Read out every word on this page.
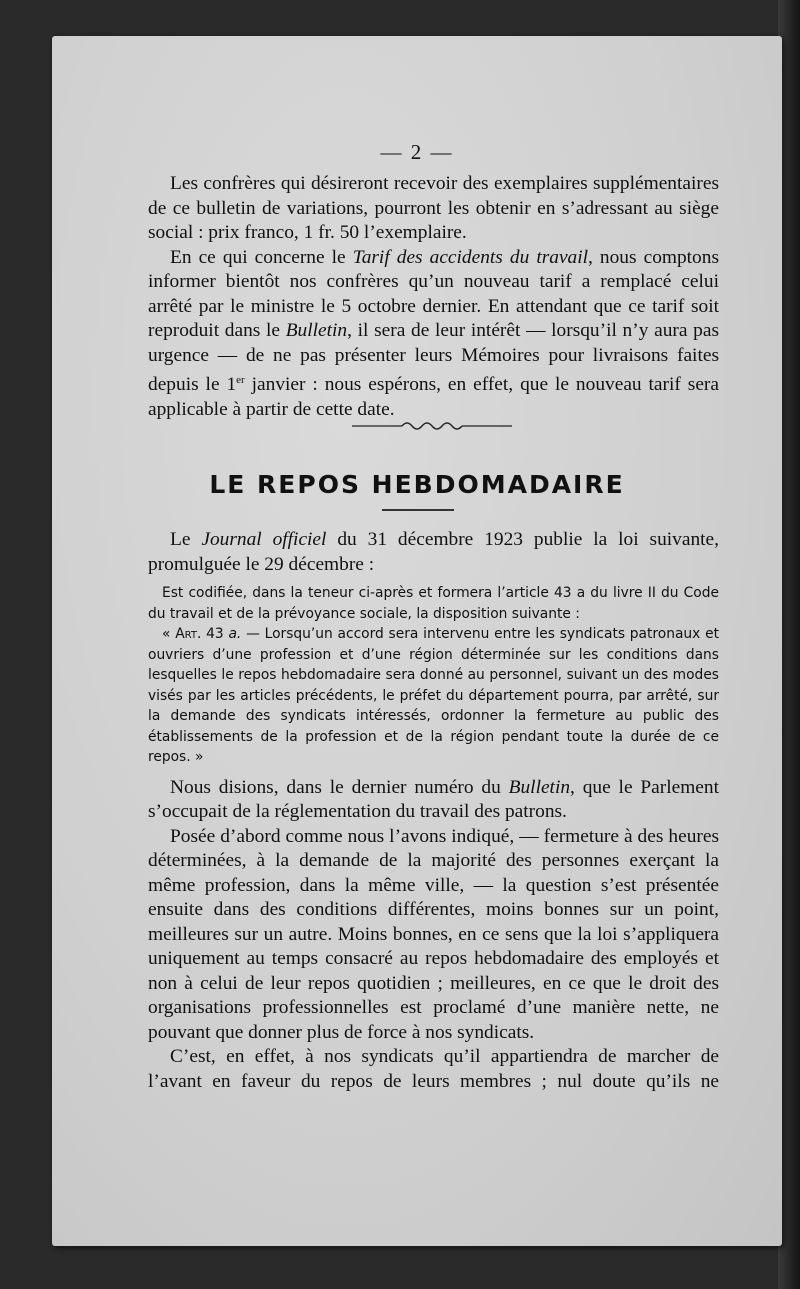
— 2 —

Les confrères qui désireront recevoir des exemplaires supplémentaires de ce bulletin de variations, pourront les obtenir en s’adressant au siège social : prix franco, 1 fr. 50 l’exemplaire.

En ce qui concerne le Tarif des accidents du travail, nous comptons informer bientôt nos confrères qu’un nouveau tarif a remplacé celui arrêté par le ministre le 5 octobre dernier. En attendant que ce tarif soit reproduit dans le Bulletin, il sera de leur intérêt — lorsqu’il n’y aura pas urgence — de ne pas présenter leurs Mémoires pour livraisons faites depuis le 1er janvier : nous espérons, en effet, que le nouveau tarif sera applicable à partir de cette date.

LE REPOS HEBDOMADAIRE

Le Journal officiel du 31 décembre 1923 publie la loi suivante, promulguée le 29 décembre :

Est codifiée, dans la teneur ci-après et formera l’article 43 a du livre II du Code du travail et de la prévoyance sociale, la disposition suivante :

« Art. 43 a. — Lorsqu’un accord sera intervenu entre les syndicats patronaux et ouvriers d’une profession et d’une région déterminée sur les conditions dans lesquelles le repos hebdomadaire sera donné au personnel, suivant un des modes visés par les articles précédents, le préfet du département pourra, par arrêté, sur la demande des syndicats intéressés, ordonner la fermeture au public des établissements de la profession et de la région pendant toute la durée de ce repos. »

Nous disions, dans le dernier numéro du Bulletin, que le Parlement s’occupait de la réglementation du travail des patrons.

Posée d’abord comme nous l’avons indiqué, — fermeture à des heures déterminées, à la demande de la majorité des personnes exerçant la même profession, dans la même ville, — la question s’est présentée ensuite dans des conditions différentes, moins bonnes sur un point, meilleures sur un autre. Moins bonnes, en ce sens que la loi s’appliquera uniquement au temps consacré au repos hebdomadaire des employés et non à celui de leur repos quotidien ; meilleures, en ce que le droit des organisations professionnelles est proclamé d’une manière nette, ne pouvant que donner plus de force à nos syndicats.

C’est, en effet, à nos syndicats qu’il appartiendra de marcher de l’avant en faveur du repos de leurs membres ; nul doute qu’ils ne
